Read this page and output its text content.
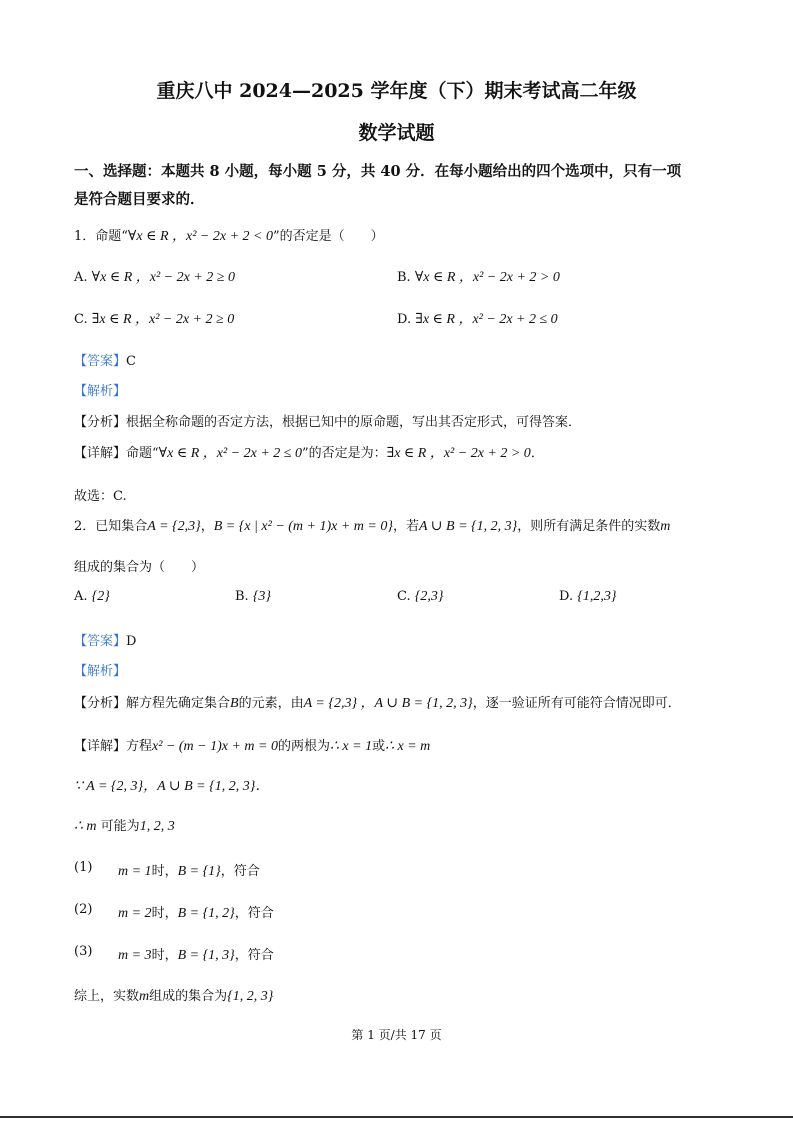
重庆八中 2024—2025 学年度（下）期末考试高二年级
数学试题
一、选择题：本题共 8 小题，每小题 5 分，共 40 分．在每小题给出的四个选项中，只有一项
是符合题目要求的．
1．命题“ ∀x ∈ R ，x² − 2x + 2 < 0 ”的否定是（　　）
A.
∀x ∈ R ，x² − 2x + 2 ≥ 0	B.
∀x ∈ R ，x² − 2x + 2 > 0
C.
∃x ∈ R ，x² − 2x + 2 ≥ 0	D.
∃x ∈ R ，x² − 2x + 2 ≤ 0
【答案】 C
【解析】
【分析】 根据全称命题的否定方法，根据已知中的原命题，写出其否定形式，可得答案．
【详解】 命题“ ∀x ∈ R ，x² − 2x + 2 ≤ 0 ”的否定是为： ∃x ∈ R ，x² − 2x + 2 > 0 ．
故选：C.
2．已知集合 A = {2,3} ， B = {x | x² − (m + 1)x + m = 0} ，若 A ∪ B = {1, 2, 3} ，则所有满足条件的实数 m
组成的集合为（　　）
A.
{2}	B.
{3}	C.
{2,3}	D.
{1,2,3}
【答案】 D
【解析】
【分析】 解方程先确定集合 B 的元素，由 A = {2,3} ，A ∪ B = {1, 2, 3} ，逐一验证所有可能符合情况即可．
【详解】 方程 x² − (m − 1)x + m = 0 的两根为 ∴ x = 1 或 ∴ x = m
∵ A = {2, 3}，A ∪ B = {1, 2, 3}．
∴ m
可能为 1, 2, 3
(1) m = 1 时， B = {1} ，符合
(2) m = 2 时， B = {1, 2} ，符合
(3) m = 3 时， B = {1, 3} ，符合
综上，实数 m 组成的集合为 {1, 2, 3}
第 1 页/共 17 页
